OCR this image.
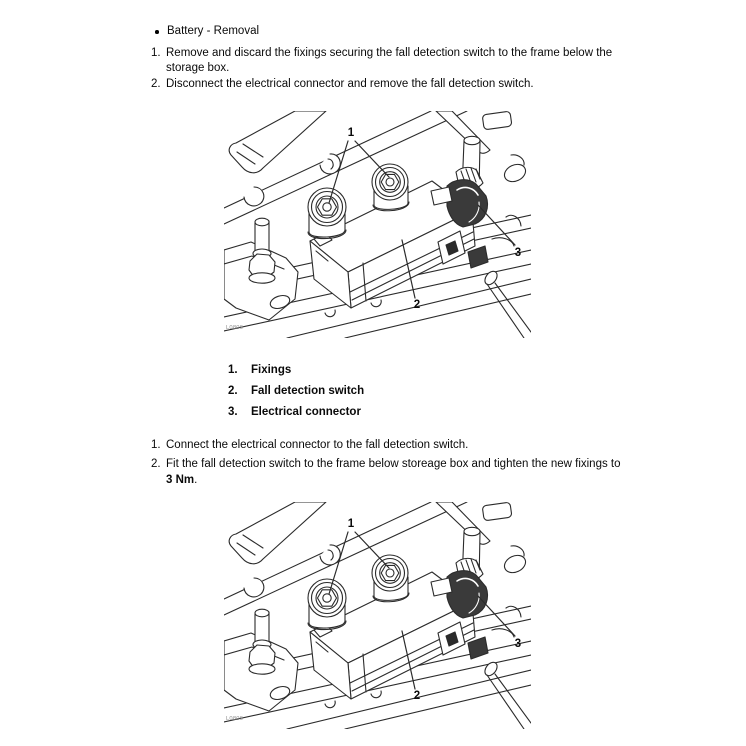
Battery - Removal
1. Remove and discard the fixings securing the fall detection switch to the frame below the storage box.
2. Disconnect the electrical connector and remove the fall detection switch.
1. Fixings
2. Fall detection switch
3. Electrical connector
1. Connect the electrical connector to the fall detection switch.
2. Fit the fall detection switch to the frame below storeage box and tighten the new fixings to 3 Nm.
